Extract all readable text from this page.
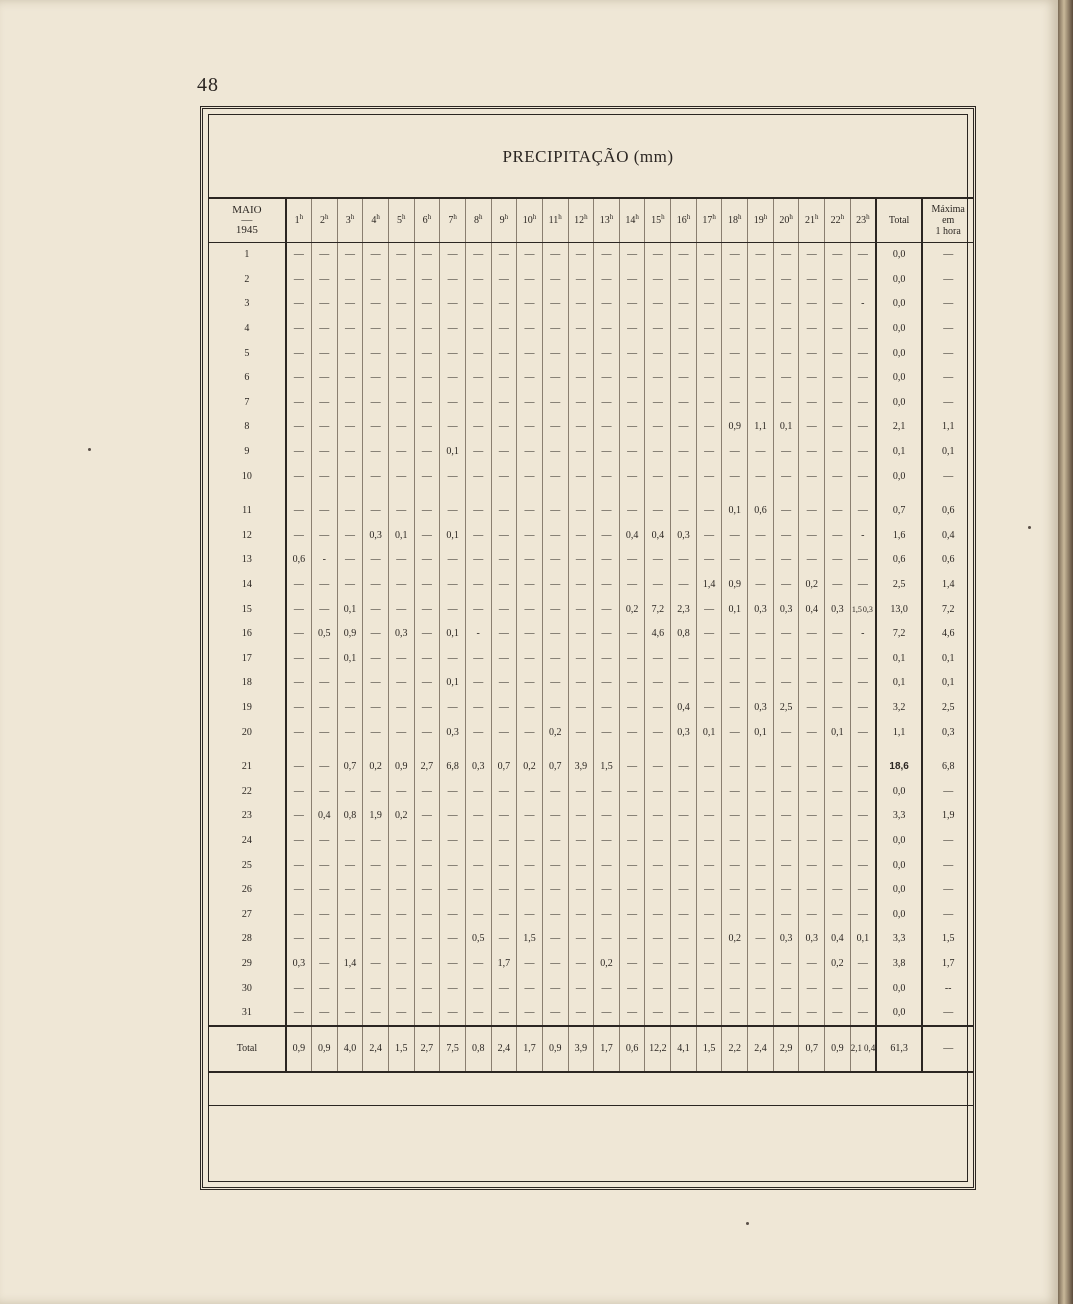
48
PRECIPITAÇÃO (mm)
MAIO
—
1945	1$^h$	2$^h$	3$^h$	4$^h$	5$^h$	6$^h$	7$^h$	8$^h$	9$^h$	10$^h$	11$^h$	12$^h$	13$^h$	14$^h$	15$^h$	16$^h$	17$^h$	18$^h$	19$^h$	20$^h$	21$^h$	22$^h$	23$^h$	Total	Máxima
em
1 hora

1	—	—	—	—	—	—	—	—	—	—	—	—	—	—	—	—	—	—	—	—	—	—	—	0,0	—
2	—	—	—	—	—	—	—	—	—	—	—	—	—	—	—	—	—	—	—	—	—	—	—	0,0	—
3	—	—	—	—	—	—	—	—	—	—	—	—	—	—	—	—	—	—	—	—	—	—	-	0,0	—
4	—	—	—	—	—	—	—	—	—	—	—	—	—	—	—	—	—	—	—	—	—	—	—	0,0	—
5	—	—	—	—	—	—	—	—	—	—	—	—	—	—	—	—	—	—	—	—	—	—	—	0,0	—
6	—	—	—	—	—	—	—	—	—	—	—	—	—	—	—	—	—	—	—	—	—	—	—	0,0	—
7	—	—	—	—	—	—	—	—	—	—	—	—	—	—	—	—	—	—	—	—	—	—	—	0,0	—
8	—	—	—	—	—	—	—	—	—	—	—	—	—	—	—	—	—	0,9	1,1	0,1	—	—	—	2,1	1,1
9	—	—	—	—	—	—	0,1	—	—	—	—	—	—	—	—	—	—	—	—	—	—	—	—	0,1	0,1
10	—	—	—	—	—	—	—	—	—	—	—	—	—	—	—	—	—	—	—	—	—	—	—	0,0	—
11	—	—	—	—	—	—	—	—	—	—	—	—	—	—	—	—	—	0,1	0,6	—	—	—	—	0,7	0,6
12	—	—	—	0,3	0,1	—	0,1	—	—	—	—	—	—	0,4	0,4	0,3	—	—	—	—	—	—	-	1,6	0,4
13	0,6	-	—	—	—	—	—	—	—	—	—	—	—	—	—	—	—	—	—	—	—	—	—	0,6	0,6
14	—	—	—	—	—	—	—	—	—	—	—	—	—	—	—	—	1,4	0,9	—	—	0,2	—	—	2,5	1,4
15	—	—	0,1	—	—	—	—	—	—	—	—	—	—	0,2	7,2	2,3	—	0,1	0,3	0,3	0,4	0,3	1,50,3	13,0	7,2
16	—	0,5	0,9	—	0,3	—	0,1	-	—	—	—	—	—	—	4,6	0,8	—	—	—	—	—	—	-	7,2	4,6
17	—	—	0,1	—	—	—	—	—	—	—	—	—	—	—	—	—	—	—	—	—	—	—	—	0,1	0,1
18	—	—	—	—	—	—	0,1	—	—	—	—	—	—	—	—	—	—	—	—	—	—	—	—	0,1	0,1
19	—	—	—	—	—	—	—	—	—	—	—	—	—	—	—	0,4	—	—	0,3	2,5	—	—	—	3,2	2,5
20	—	—	—	—	—	—	0,3	—	—	—	0,2	—	—	—	—	0,3	0,1	—	0,1	—	—	0,1	—	1,1	0,3
21	—	—	0,7	0,2	0,9	2,7	6,8	0,3	0,7	0,2	0,7	3,9	1,5	—	—	—	—	—	—	—	—	—	—	18,6	6,8
22	—	—	—	—	—	—	—	—	—	—	—	—	—	—	—	—	—	—	—	—	—	—	—	0,0	—
23	—	0,4	0,8	1,9	0,2	—	—	—	—	—	—	—	—	—	—	—	—	—	—	—	—	—	—	3,3	1,9
24	—	—	—	—	—	—	—	—	—	—	—	—	—	—	—	—	—	—	—	—	—	—	—	0,0	—
25	—	—	—	—	—	—	—	—	—	—	—	—	—	—	—	—	—	—	—	—	—	—	—	0,0	—
26	—	—	—	—	—	—	—	—	—	—	—	—	—	—	—	—	—	—	—	—	—	—	—	0,0	—
27	—	—	—	—	—	—	—	—	—	—	—	—	—	—	—	—	—	—	—	—	—	—	—	0,0	—
28	—	—	—	—	—	—	—	0,5	—	1,5	—	—	—	—	—	—	—	0,2	—	0,3	0,3	0,4	0,1	3,3	1,5
29	0,3	—	1,4	—	—	—	—	—	1,7	—	—	—	0,2	—	—	—	—	—	—	—	—	0,2	—	3,8	1,7
30	—	—	—	—	—	—	—	—	—	—	—	—	—	—	—	—	—	—	—	—	—	—	—	0,0	--
31	—	—	—	—	—	—	—	—	—	—	—	—	—	—	—	—	—	—	—	—	—	—	—	0,0	—
Total	0,9	0,9	4,0	2,4	1,5	2,7	7,5	0,8	2,4	1,7	0,9	3,9	1,7	0,6	12,2	4,1	1,5	2,2	2,4	2,9	0,7	0,9	2,1 0,4	61,3	—
